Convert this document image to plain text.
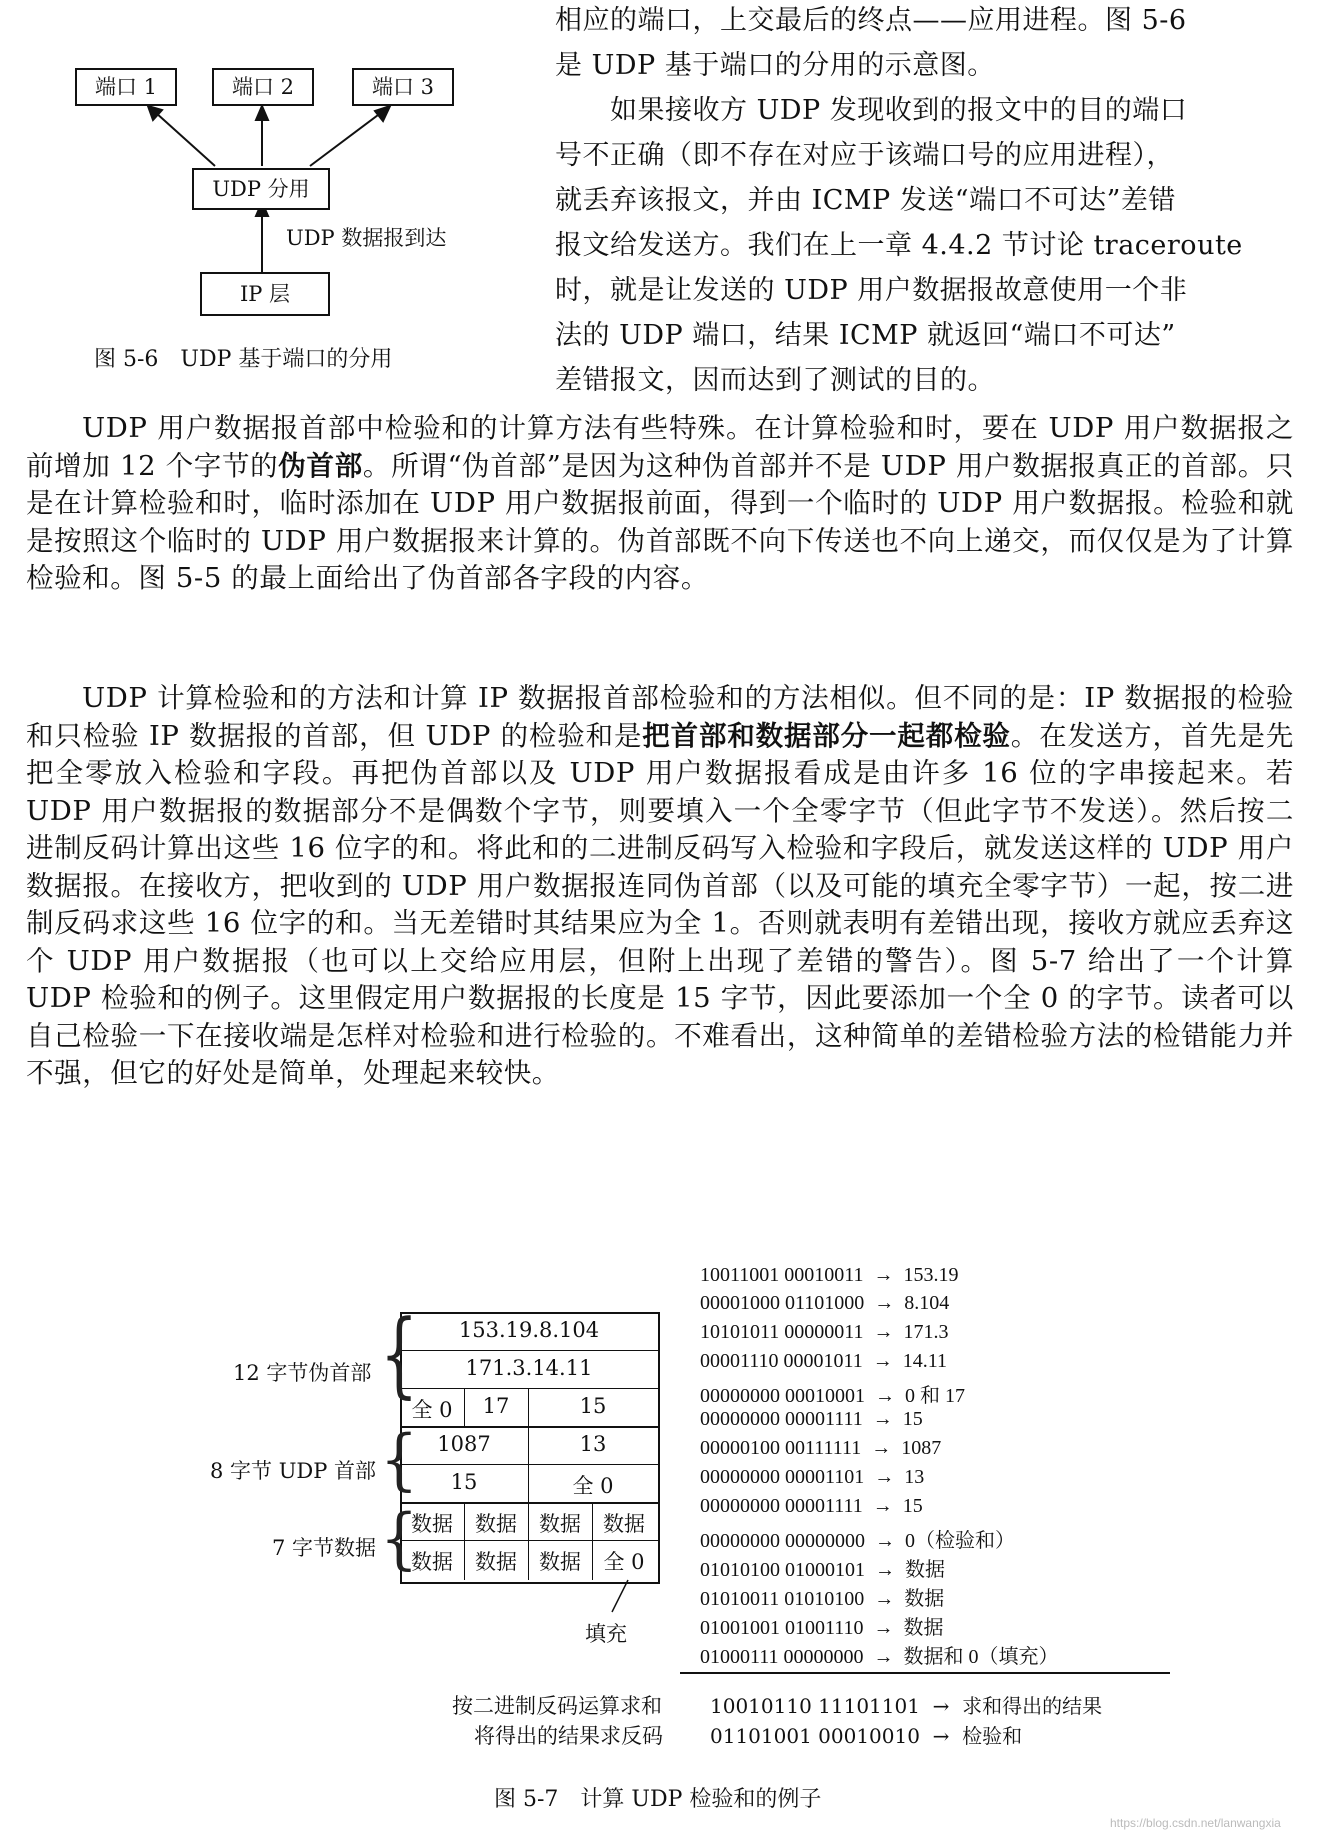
端口 1	端口 2	端口 3
UDP 分用
UDP 数据报到达
IP 层
图 5-6　UDP 基于端口的分用
相应的端口，上交最后的终点——应用进程。图 5-6
是 UDP 基于端口的分用的示意图。
如果接收方 UDP 发现收到的报文中的目的端口
号不正确（即不存在对应于该端口号的应用进程），
就丢弃该报文，并由 ICMP 发送“端口不可达”差错
报文给发送方。我们在上一章 4.4.2 节讨论 traceroute
时，就是让发送的 UDP 用户数据报故意使用一个非
法的 UDP 端口，结果 ICMP 就返回“端口不可达”
差错报文，因而达到了测试的目的。
UDP 用户数据报首部中检验和的计算方法有些特殊。在计算检验和时，要在 UDP 用户数据报之前增加 12 个字节的伪首部。所谓“伪首部”是因为这种伪首部并不是 UDP 用户数据报真正的首部。只是在计算检验和时，临时添加在 UDP 用户数据报前面，得到一个临时的 UDP 用户数据报。检验和就是按照这个临时的 UDP 用户数据报来计算的。伪首部既不向下传送也不向上递交，而仅仅是为了计算检验和。图 5-5 的最上面给出了伪首部各字段的内容。
UDP 计算检验和的方法和计算 IP 数据报首部检验和的方法相似。但不同的是：IP 数据报的检验和只检验 IP 数据报的首部，但 UDP 的检验和是把首部和数据部分一起都检验。在发送方，首先是先把全零放入检验和字段。再把伪首部以及 UDP 用户数据报看成是由许多 16 位的字串接起来。若 UDP 用户数据报的数据部分不是偶数个字节，则要填入一个全零字节（但此字节不发送）。然后按二进制反码计算出这些 16 位字的和。将此和的二进制反码写入检验和字段后，就发送这样的 UDP 用户数据报。在接收方，把收到的 UDP 用户数据报连同伪首部（以及可能的填充全零字节）一起，按二进制反码求这些 16 位字的和。当无差错时其结果应为全 1。否则就表明有差错出现，接收方就应丢弃这个 UDP 用户数据报（也可以上交给应用层，但附上出现了差错的警告）。图 5-7 给出了一个计算 UDP 检验和的例子。这里假定用户数据报的长度是 15 字节，因此要添加一个全 0 的字节。读者可以自己检验一下在接收端是怎样对检验和进行检验的。不难看出，这种简单的差错检验方法的检错能力并不强，但它的好处是简单，处理起来较快。
153.19.8.104
171.3.14.11
全 0	17	15
1087	13
15	全 0
数据	数据	数据	数据
数据	数据	数据	全 0
{
12 字节伪首部
{
8 字节 UDP 首部
{
7 字节数据
填充
10011001 00010011 → 153.19
00001000 01101000 → 8.104
10101011 00000011 → 171.3
00001110 00001011 → 14.11
00000000 00010001 → 0 和 17
00000000 00001111 → 15
00000100 00111111 → 1087
00000000 00001101 → 13
00000000 00001111 → 15
00000000 00000000 → 0（检验和）
01010100 01000101 → 数据
01010011 01010100 → 数据
01001001 01001110 → 数据
01000111 00000000 → 数据和 0（填充）
按二进制反码运算求和 10010110 11101101 → 求和得出的结果
将得出的结果求反码 01101001 00010010 → 检验和
图 5-7　计算 UDP 检验和的例子
https://blog.csdn.net/lanwangxia
